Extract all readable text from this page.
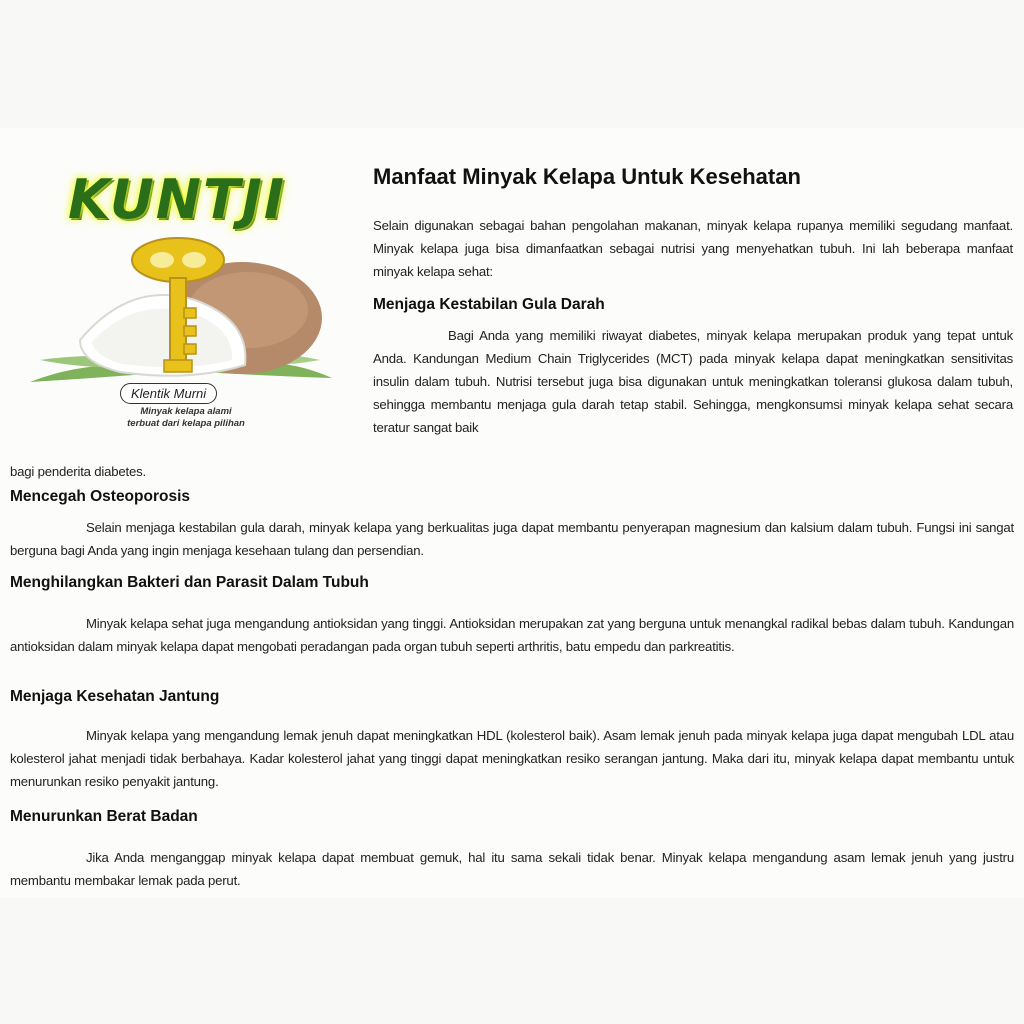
KUNTJI
Klentik Murni
Minyak kelapa alami
terbuat dari kelapa pilihan
Manfaat Minyak Kelapa Untuk Kesehatan

Selain digunakan sebagai bahan pengolahan makanan, minyak kelapa rupanya memiliki segudang manfaat. Minyak kelapa juga bisa dimanfaatkan sebagai nutrisi yang menyehatkan tubuh. Ini lah beberapa manfaat minyak kelapa sehat:

Menjaga Kestabilan Gula Darah

Bagi Anda yang memiliki riwayat diabetes, minyak kelapa merupakan produk yang tepat untuk Anda. Kandungan Medium Chain Triglycerides (MCT) pada minyak kelapa dapat meningkatkan sensitivitas insulin dalam tubuh. Nutrisi tersebut juga bisa digunakan untuk meningkatkan toleransi glukosa dalam tubuh, sehingga membantu menjaga gula darah tetap stabil. Sehingga, mengkonsumsi minyak kelapa sehat secara teratur sangat baik

bagi penderita diabetes.

Mencegah Osteoporosis

Selain menjaga kestabilan gula darah, minyak kelapa yang berkualitas juga dapat membantu penyerapan magnesium dan kalsium dalam tubuh. Fungsi ini sangat berguna bagi Anda yang ingin menjaga kesehaan tulang dan persendian.

Menghilangkan Bakteri dan Parasit Dalam Tubuh

Minyak kelapa sehat juga mengandung antioksidan yang tinggi. Antioksidan merupakan zat yang berguna untuk menangkal radikal bebas dalam tubuh. Kandungan antioksidan dalam minyak kelapa dapat mengobati peradangan pada organ tubuh seperti arthritis, batu empedu dan parkreatitis.

Menjaga Kesehatan Jantung

Minyak kelapa yang mengandung lemak jenuh dapat meningkatkan HDL (kolesterol baik). Asam lemak jenuh pada minyak kelapa juga dapat mengubah LDL atau kolesterol jahat menjadi tidak berbahaya. Kadar kolesterol jahat yang tinggi dapat meningkatkan resiko serangan jantung. Maka dari itu, minyak kelapa dapat membantu untuk menurunkan resiko penyakit jantung.

Menurunkan Berat Badan

Jika Anda menganggap minyak kelapa dapat membuat gemuk, hal itu sama sekali tidak benar. Minyak kelapa mengandung asam lemak jenuh yang justru membantu membakar lemak pada perut.
